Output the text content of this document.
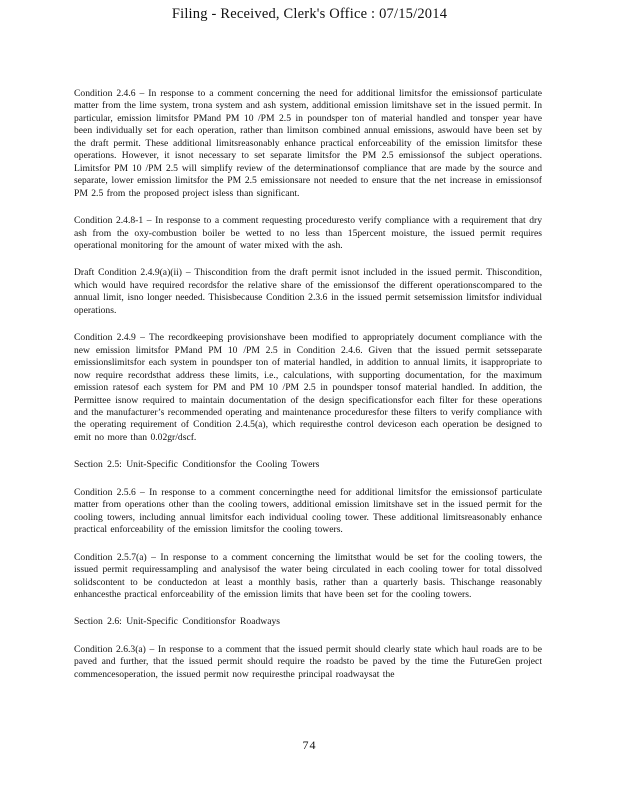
Filing - Received, Clerk's Office : 07/15/2014

Condition 2.4.6 – In response to a comment concerning the need for additional limitsfor the emissionsof particulate matter from the lime system, trona system and ash system, additional emission limitshave set in the issued permit. In particular, emission limitsfor PMand PM 10 /PM 2.5 in poundsper ton of material handled and tonsper year have been individually set for each operation, rather than limitson combined annual emissions, aswould have been set by the draft permit. These additional limitsreasonably enhance practical enforceability of the emission limitsfor these operations. However, it isnot necessary to set separate limitsfor the PM 2.5 emissionsof the subject operations. Limitsfor PM 10 /PM 2.5 will simplify review of the determinationsof compliance that are made by the source and separate, lower emission limitsfor the PM 2.5 emissionsare not needed to ensure that the net increase in emissionsof PM 2.5 from the proposed project isless than significant.

Condition 2.4.8-1 – In response to a comment requesting proceduresto verify compliance with a requirement that dry ash from the oxy-combustion boiler be wetted to no less than 15percent moisture, the issued permit requires operational monitoring for the amount of water mixed with the ash.

Draft Condition 2.4.9(a)(ii) – Thiscondition from the draft permit isnot included in the issued permit. Thiscondition, which would have required recordsfor the relative share of the emissionsof the different operationscompared to the annual limit, isno longer needed. Thisisbecause Condition 2.3.6 in the issued permit setsemission limitsfor individual operations.

Condition 2.4.9 – The recordkeeping provisionshave been modified to appropriately document compliance with the new emission limitsfor PMand PM 10 /PM 2.5 in Condition 2.4.6. Given that the issued permit setsseparate emissionslimitsfor each system in poundsper ton of material handled, in addition to annual limits, it isappropriate to now require recordsthat address these limits, i.e., calculations, with supporting documentation, for the maximum emission ratesof each system for PM and PM 10 /PM 2.5 in poundsper tonsof material handled. In addition, the Permittee isnow required to maintain documentation of the design specificationsfor each filter for these operations and the manufacturer’s recommended operating and maintenance proceduresfor these filters to verify compliance with the operating requirement of Condition 2.4.5(a), which requiresthe control deviceson each operation be designed to emit no more than 0.02gr/dscf.

Section 2.5: Unit-Specific Conditionsfor the Cooling Towers

Condition 2.5.6 – In response to a comment concerningthe need for additional limitsfor the emissionsof particulate matter from operations other than the cooling towers, additional emission limitshave set in the issued permit for the cooling towers, including annual limitsfor each individual cooling tower. These additional limitsreasonably enhance practical enforceability of the emission limitsfor the cooling towers.

Condition 2.5.7(a) – In response to a comment concerning the limitsthat would be set for the cooling towers, the issued permit requiressampling and analysisof the water being circulated in each cooling tower for total dissolved solidscontent to be conductedon at least a monthly basis, rather than a quarterly basis. Thischange reasonably enhancesthe practical enforceability of the emission limits that have been set for the cooling towers.

Section 2.6: Unit-Specific Conditionsfor Roadways

Condition 2.6.3(a) – In response to a comment that the issued permit should clearly state which haul roads are to be paved and further, that the issued permit should require the roadsto be paved by the time the FutureGen project commencesoperation, the issued permit now requiresthe principal roadwaysat the

74
